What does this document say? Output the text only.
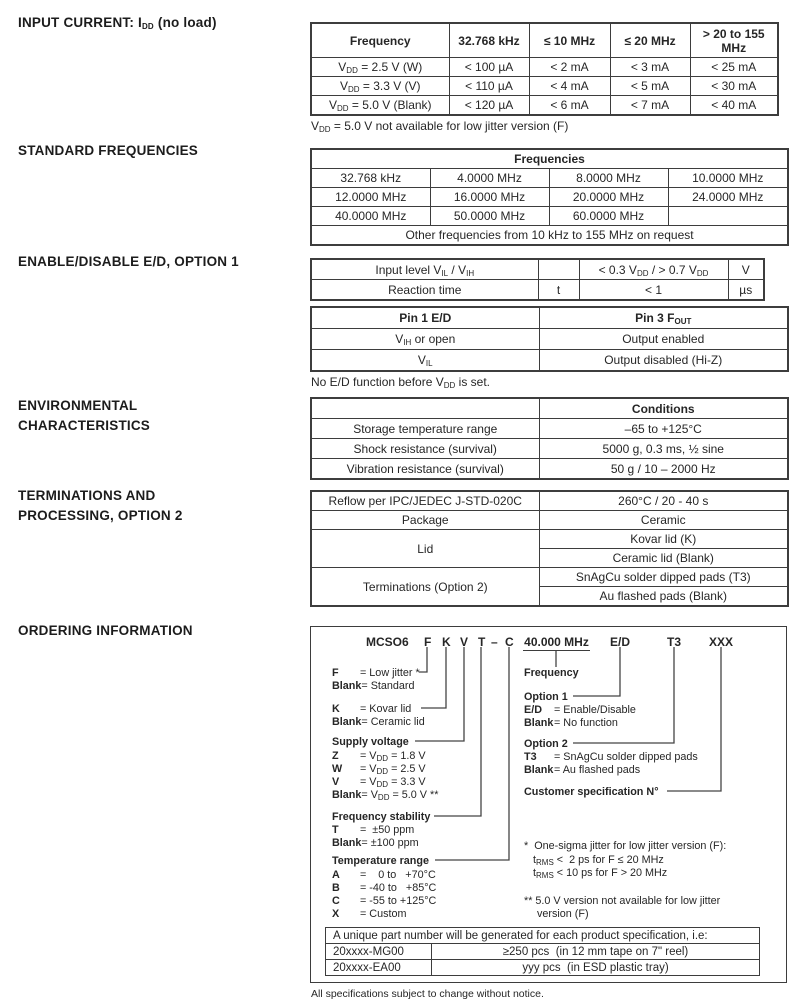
INPUT CURRENT: $I_{DD}$ (no load)
STANDARD FREQUENCIES
ENABLE/DISABLE E/D, OPTION 1
ENVIRONMENTAL CHARACTERISTICS
TERMINATIONS AND PROCESSING, OPTION 2
ORDERING INFORMATION
Frequency	32.768 kHz	≤ 10 MHz	≤ 20 MHz	> 20 to 155 MHz
$V_{DD} = 2.5$ V (W)	< 100 µA	< 2 mA	< 3 mA	< 25 mA
$V_{DD} = 3.3$ V (V)	< 110 µA	< 4 mA	< 5 mA	< 30 mA
$V_{DD} = 5.0$ V (Blank)	< 120 µA	< 6 mA	< 7 mA	< 40 mA
$V_{DD} = 5.0$ V not available for low jitter version (F)
Frequencies			
32.768 kHz	4.0000 MHz	8.0000 MHz	10.0000 MHz
12.0000 MHz	16.0000 MHz	20.0000 MHz	24.0000 MHz
40.0000 MHz	50.0000 MHz	60.0000 MHz	
Other frequencies from 10 kHz to 155 MHz on request			
Input level $V_{IL} / V_{IH}$		< 0.3 $V_{DD}$ / > 0.7 $V_{DD}$	V
Reaction time	t	< 1	µs
Pin 1 E/D	Pin 3 $F_{OUT}$
$V_{IH}$ or open	Output enabled
$V_{IL}$	Output disabled (Hi-Z)
No E/D function before $V_{DD}$ is set.
	Conditions
Storage temperature range	–65 to +125°C
Shock resistance (survival)	5000 g, 0.3 ms, ½ sine
Vibration resistance (survival)	50 g / 10 – 2000 Hz
Reflow per IPC/JEDEC J-STD-020C	260°C / 20 - 40 s
Package	Ceramic
Lid	Kovar lid (K)
	Ceramic lid (Blank)
Terminations (Option 2)	SnAgCu solder dipped pads (T3)
	Au flashed pads (Blank)
MCSO6 F K V T – C 40.000 MHz E/D	T3 XXX
F = Low jitter *
Blank= Standard
K = Kovar lid
Blank= Ceramic lid
Supply voltage
$Z = V_{DD} = 1.8$ V
$W = V_{DD} = 2.5$ V
$V = V_{DD} = 3.3$ V
Blank= $V_{DD} = 5.0$ V **
Frequency stability
T =  ±50 ppm
Blank= ±100 ppm
Temperature range
A =    0 to   +70°C
B = -40 to   +85°C
C = -55 to +125°C
X = Custom
Frequency
Option 1
E/D = Enable/Disable
Blank= No function
Option 2
T3 = SnAgCu solder dipped pads
Blank= Au flashed pads
Customer specification N°
*  One-sigma jitter for low jitter version (F):
$t_{RMS} < 2$ ps for F ≤ 20 MHz
$t_{RMS} < 10$ ps for F > 20 MHz
** 5.0 V version not available for low jitter
version (F)
A unique part number will be generated for each product specification, i.e:	
20xxxx-MG00	≥250 pcs  (in 12 mm tape on 7" reel)
20xxxx-EA00	yyy pcs  (in ESD plastic tray)
All specifications subject to change without notice.
